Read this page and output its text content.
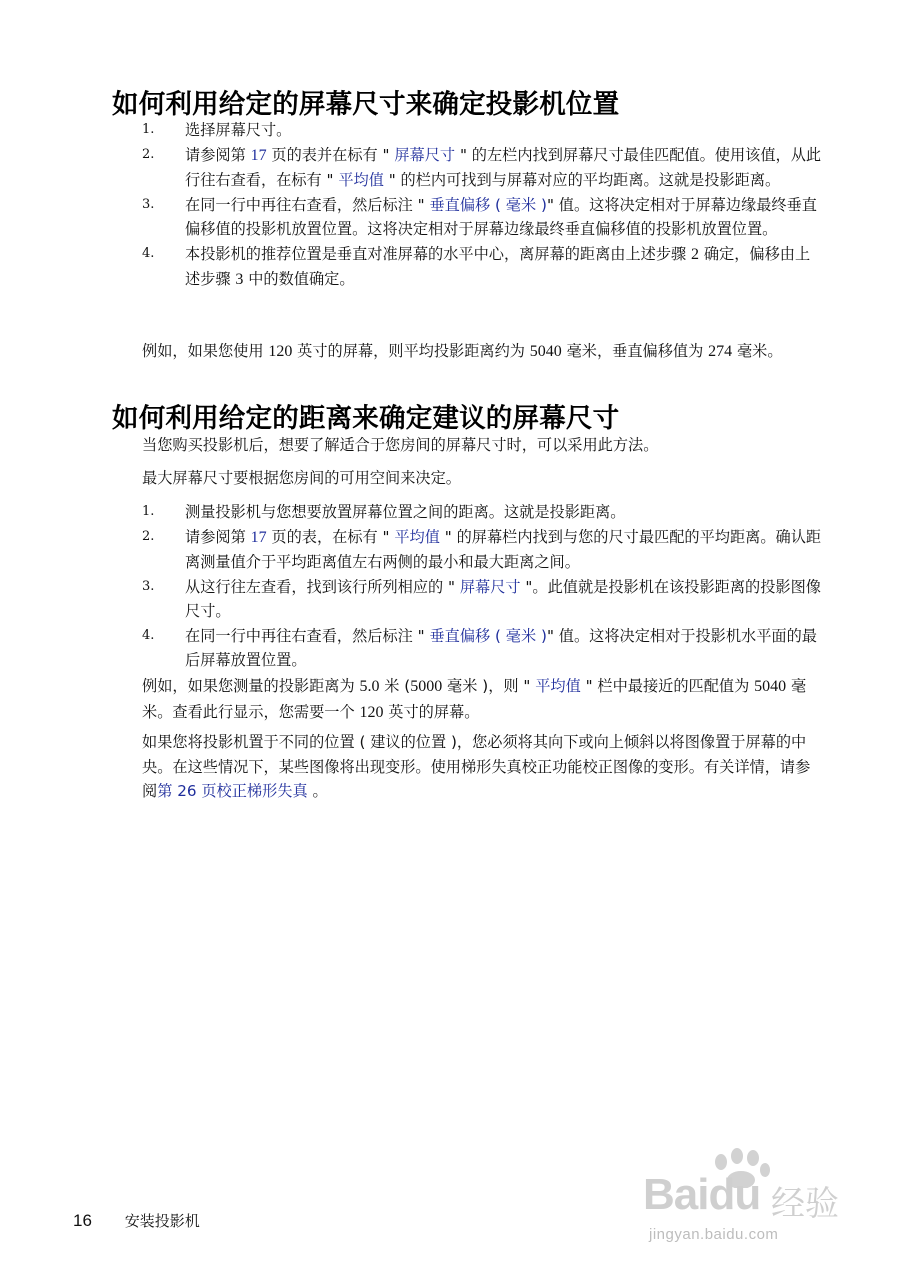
如何利用给定的屏幕尺寸来确定投影机位置
1. 选择屏幕尺寸。
2. 请参阅第 17 页的表并在标有 " 屏幕尺寸 " 的左栏内找到屏幕尺寸最佳匹配值。使用该值，从此行往右查看，在标有 " 平均值 " 的栏内可找到与屏幕对应的平均距离。这就是投影距离。
3. 在同一行中再往右查看，然后标注 " 垂直偏移 ( 毫米 )" 值。这将决定相对于屏幕边缘最终垂直偏移值的投影机放置位置。这将决定相对于屏幕边缘最终垂直偏移值的投影机放置位置。
4. 本投影机的推荐位置是垂直对准屏幕的水平中心，离屏幕的距离由上述步骤 2 确定，偏移由上述步骤 3 中的数值确定。

例如，如果您使用 120 英寸的屏幕，则平均投影距离约为 5040 毫米，垂直偏移值为 274 毫米。

如何利用给定的距离来确定建议的屏幕尺寸

当您购买投影机后，想要了解适合于您房间的屏幕尺寸时，可以采用此方法。

最大屏幕尺寸要根据您房间的可用空间来决定。

1. 测量投影机与您想要放置屏幕位置之间的距离。这就是投影距离。
2. 请参阅第 17 页的表，在标有 " 平均值 " 的屏幕栏内找到与您的尺寸最匹配的平均距离。确认距离测量值介于平均距离值左右两侧的最小和最大距离之间。
3. 从这行往左查看，找到该行所列相应的 " 屏幕尺寸 "。此值就是投影机在该投影距离的投影图像尺寸。
4. 在同一行中再往右查看，然后标注 " 垂直偏移 ( 毫米 )" 值。这将决定相对于投影机水平面的最后屏幕放置位置。

例如，如果您测量的投影距离为 5.0 米 (5000 毫米 )，则 " 平均值 " 栏中最接近的匹配值为 5040 毫米。查看此行显示，您需要一个 120 英寸的屏幕。

如果您将投影机置于不同的位置 ( 建议的位置 )，您必须将其向下或向上倾斜以将图像置于屏幕的中央。在这些情况下，某些图像将出现变形。使用梯形失真校正功能校正图像的变形。有关详情，请参阅第 26 页校正梯形失真 。

16 安装投影机
Baidu 经验
jingyan.baidu.com
